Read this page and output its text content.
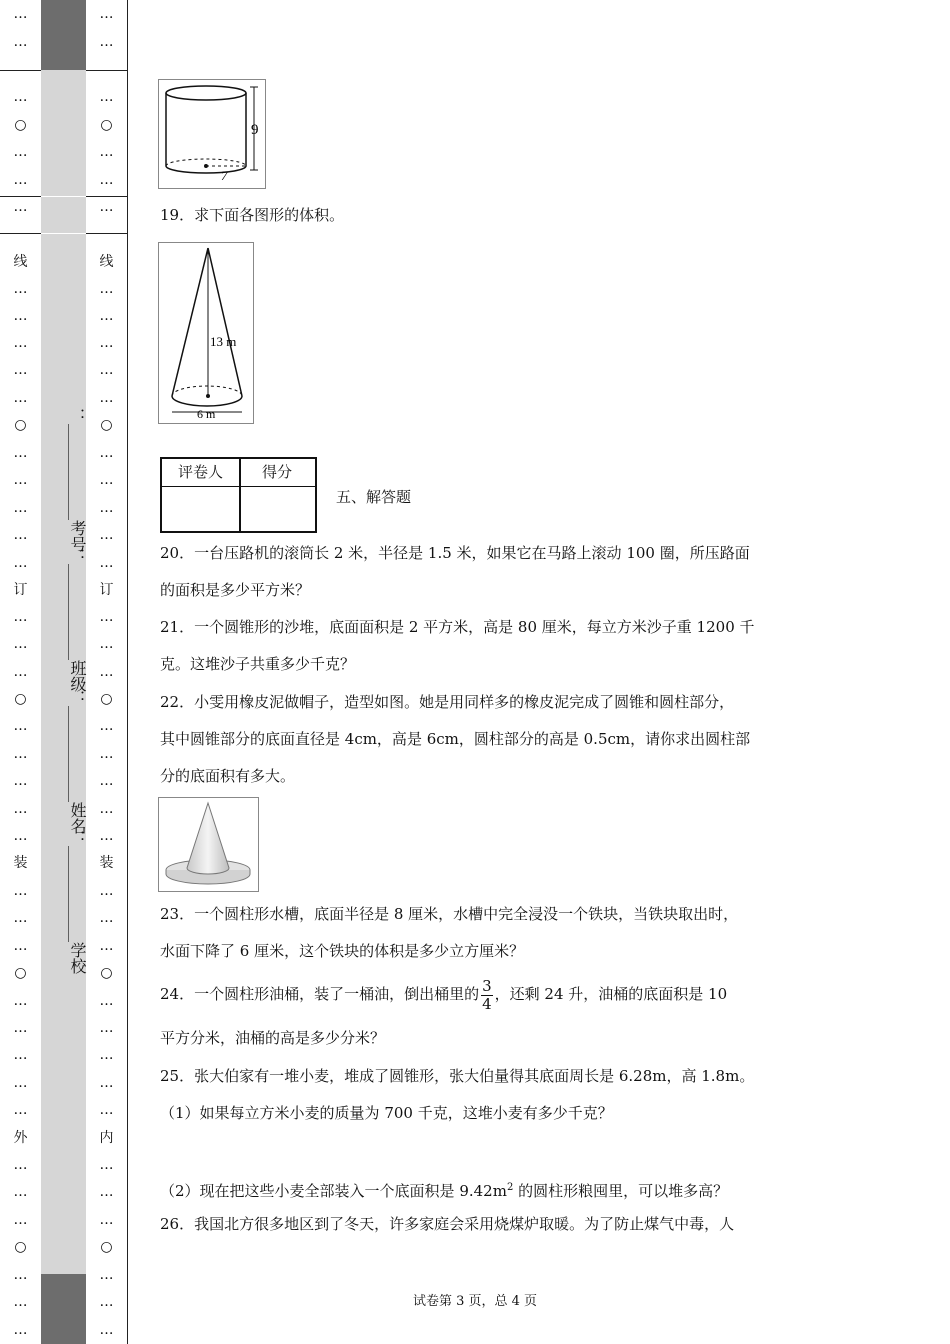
…
…
…
○
…
…
…
线
…
…
…
…
…
○
…
…
…
…
…
订
…
…
…
○
…
…
…
…
…
装
…
…
…
○
…
…
…
…
…
外
…
…
…
○
…
…
…
：____________考号
：____________班级
：____________姓名
：____________学校
…
…
…
○
…
…
…
线
…
…
…
…
…
○
…
…
…
…
…
订
…
…
…
○
…
…
…
…
…
装
…
…
…
○
…
…
…
…
…
内
…
…
…
○
…
…
…
9
7
19．求下面各图形的体积。
13 m
6 m
评卷人	得分
五、解答题
20．一台压路机的滚筒长 2 米，半径是 1.5 米，如果它在马路上滚动 100 圈，所压路面
的面积是多少平方米？
21．一个圆锥形的沙堆，底面面积是 2 平方米，高是 80 厘米，每立方米沙子重 1200 千
克。这堆沙子共重多少千克？
22．小雯用橡皮泥做帽子，造型如图。她是用同样多的橡皮泥完成了圆锥和圆柱部分，
其中圆锥部分的底面直径是 4cm，高是 6cm，圆柱部分的高是 0.5cm，请你求出圆柱部
分的底面积有多大。
23．一个圆柱形水槽，底面半径是 8 厘米，水槽中完全浸没一个铁块，当铁块取出时，
水面下降了 6 厘米，这个铁块的体积是多少立方厘米？
24．一个圆柱形油桶，装了一桶油，倒出桶里的 $\frac{3}{4}$ ，还剩 24 升，油桶的底面积是 10
平方分米，油桶的高是多少分米？
25．张大伯家有一堆小麦，堆成了圆锥形，张大伯量得其底面周长是 6.28m，高 1.8m。
（1）如果每立方米小麦的质量为 700 千克，这堆小麦有多少千克？
（2）现在把这些小麦全部装入一个底面积是 $9.42m^2$ 的圆柱形粮囤里，可以堆多高？
26．我国北方很多地区到了冬天，许多家庭会采用烧煤炉取暖。为了防止煤气中毒，人
试卷第 3 页，总 4 页
